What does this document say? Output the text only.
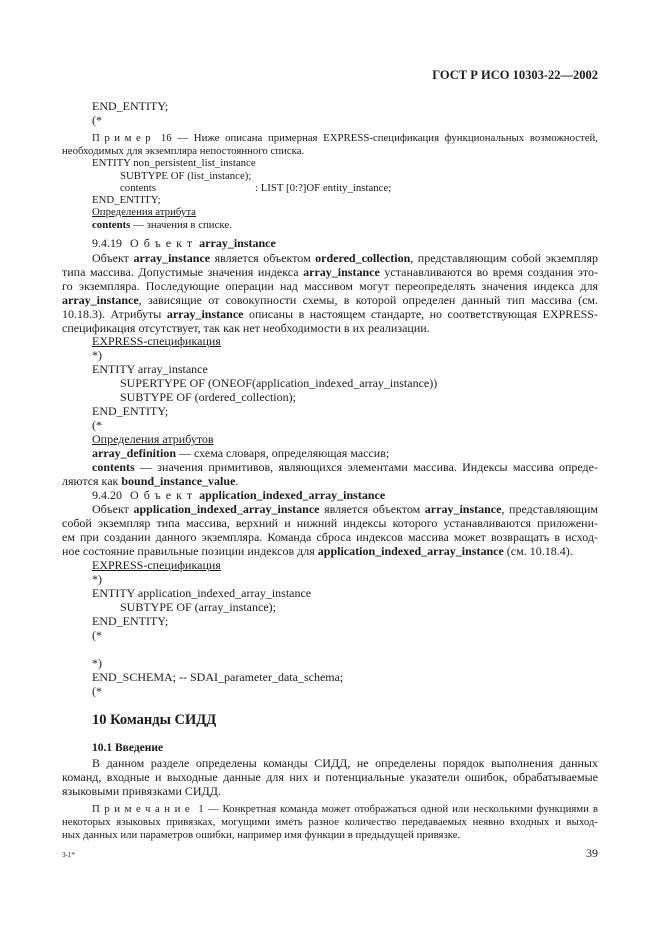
ГОСТ Р ИСО 10303-22—2002
END_ENTITY;
(*
Пример 16 — Ниже описана примерная EXPRESS-спецификация функциональных возможностей,
необходимых для экземпляра непостоянного списка.
ENTITY non_persistent_list_instance
SUBTYPE OF (list_instance);
contents	: LIST [0:?]OF entity_instance;
END_ENTITY;
Определения атрибута
contents — значения в списке.
9.4.19 Объект array_instance
Объект array_instance является объектом ordered_collection, представляющим собой экземпляр
типа массива. Допустимые значения индекса array_instance устанавливаются во время создания это-
го экземпляра. Последующие операции над массивом могут переопределять значения индекса для
array_instance, зависящие от совокупности схемы, в которой определен данный тип массива (см.
10.18.3). Атрибуты array_instance описаны в настоящем стандарте, но соответствующая EXPRESS-
спецификация отсутствует, так как нет необходимости в их реализации.
EXPRESS-спецификация
*)
ENTITY array_instance
SUPERTYPE OF (ONEOF(application_indexed_array_instance))
SUBTYPE OF (ordered_collection);
END_ENTITY;
(*
Определения атрибутов
array_definition — схема словаря, определяющая массив;
contents — значения примитивов, являющихся элементами массива. Индексы массива опреде-
ляются как bound_instance_value.
9.4.20 Объект application_indexed_array_instance
Объект application_indexed_array_instance является объектом array_instance, представляющим
собой экземпляр типа массива, верхний и нижний индексы которого устанавливаются приложени-
ем при создании данного экземпляра. Команда сброса индексов массива может возвращать в исход-
ное состояние правильные позиции индексов для application_indexed_array_instance (см. 10.18.4).
EXPRESS-спецификация
*)
ENTITY application_indexed_array_instance
SUBTYPE OF (array_instance);
END_ENTITY;
(*
*)
END_SCHEMA; -- SDAI_parameter_data_schema;
(*
10 Команды СИДД
10.1 Введение
В данном разделе определены команды СИДД, не определены порядок выполнения данных
команд, входные и выходные данные для них и потенциальные указатели ошибок, обрабатываемые
языковыми привязками СИДД.
Примечание 1 — Конкретная команда может отображаться одной или несколькими функциями в
некоторых языковых привязках, могущими иметь разное количество передаваемых неявно входных и выход-
ных данных или параметров ошибки, например имя функции в предыдущей привязке.
3-1*	39
